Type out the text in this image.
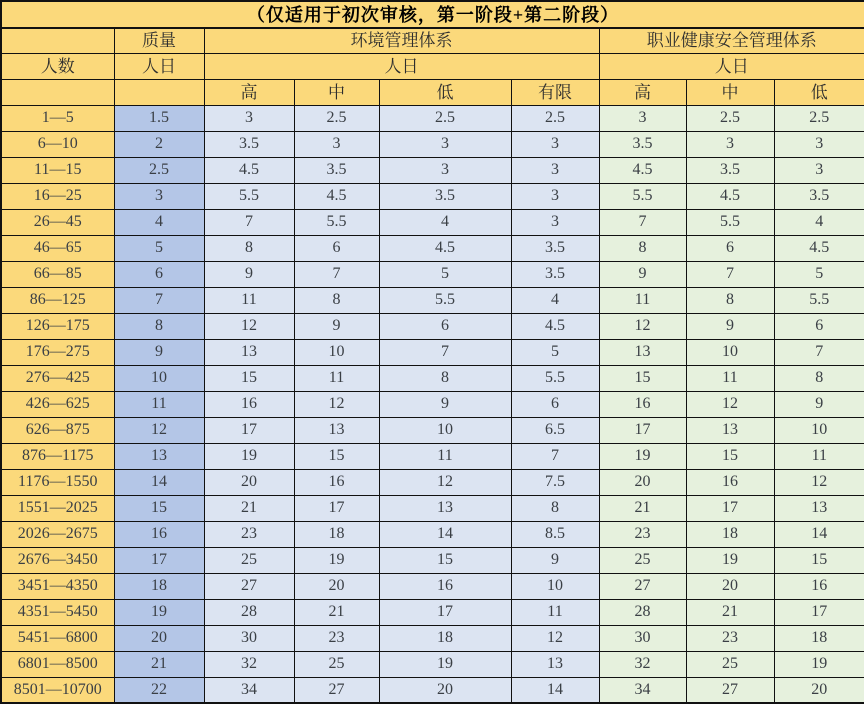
（仅适用于初次审核，第一阶段+第二阶段）								
	质量	环境管理体系				职业健康安全管理体系		
人数	人日	人日				人日		
		高	中	低	有限	高	中	低
1—5	1.5	3	2.5	2.5	2.5	3	2.5	2.5
6—10	2	3.5	3	3	3	3.5	3	3
11—15	2.5	4.5	3.5	3	3	4.5	3.5	3
16—25	3	5.5	4.5	3.5	3	5.5	4.5	3.5
26—45	4	7	5.5	4	3	7	5.5	4
46—65	5	8	6	4.5	3.5	8	6	4.5
66—85	6	9	7	5	3.5	9	7	5
86—125	7	11	8	5.5	4	11	8	5.5
126—175	8	12	9	6	4.5	12	9	6
176—275	9	13	10	7	5	13	10	7
276—425	10	15	11	8	5.5	15	11	8
426—625	11	16	12	9	6	16	12	9
626—875	12	17	13	10	6.5	17	13	10
876—1175	13	19	15	11	7	19	15	11
1176—1550	14	20	16	12	7.5	20	16	12
1551—2025	15	21	17	13	8	21	17	13
2026—2675	16	23	18	14	8.5	23	18	14
2676—3450	17	25	19	15	9	25	19	15
3451—4350	18	27	20	16	10	27	20	16
4351—5450	19	28	21	17	11	28	21	17
5451—6800	20	30	23	18	12	30	23	18
6801—8500	21	32	25	19	13	32	25	19
8501—10700	22	34	27	20	14	34	27	20
